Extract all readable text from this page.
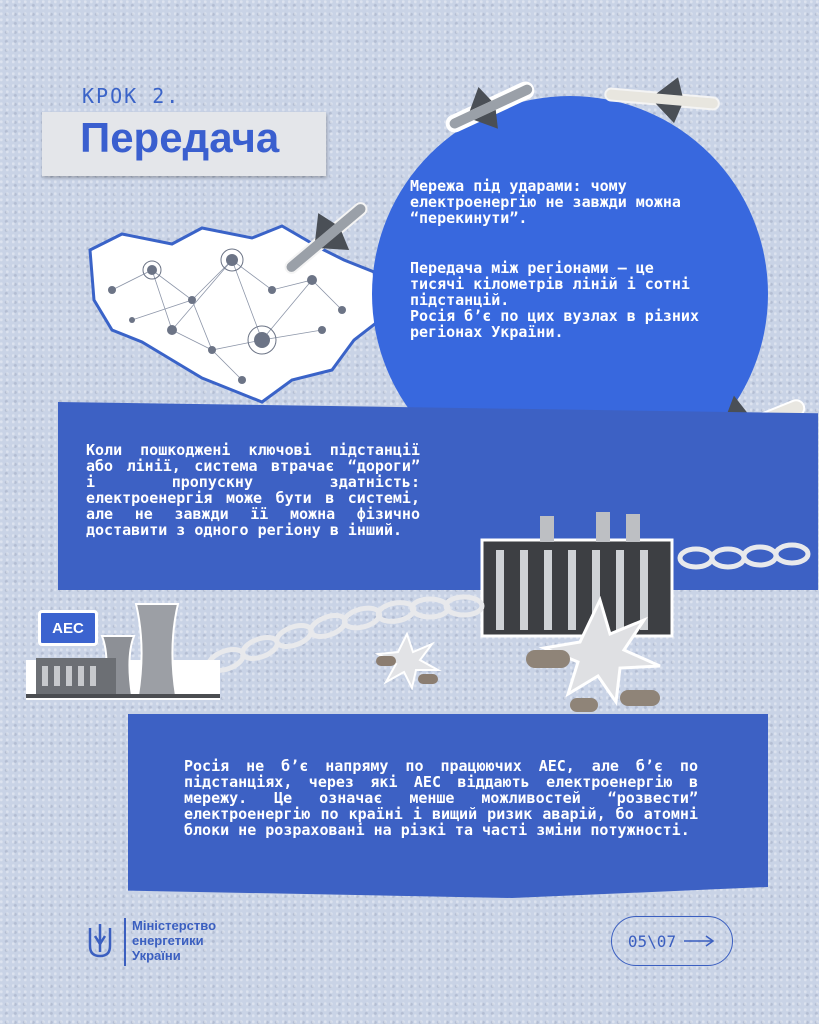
КРОК 2.
Передача
Мережа під ударами: чому електроенергію не завжди можна “перекинути”.
Передача між регіонами — це тисячі кілометрів ліній і сотні підстанцій.
Росія б’є по цих вузлах в різних регіонах України.
Коли пошкоджені ключові підстанції або лінії, система втрачає “дороги” і пропускну здатність: електроенергія може бути в системі, але не завжди її можна фізично доставити з одного регіону в інший.
АЕС
Росія не б’є напряму по працюючих АЕС, але б’є по підстанціях, через які АЕС віддають електроенергію в мережу. Це означає менше можливостей “розвести” електроенергію по країні і вищий ризик аварій, бо атомні блоки не розраховані на різкі та часті зміни потужності.
Міністерство
енергетики
України
05\07
